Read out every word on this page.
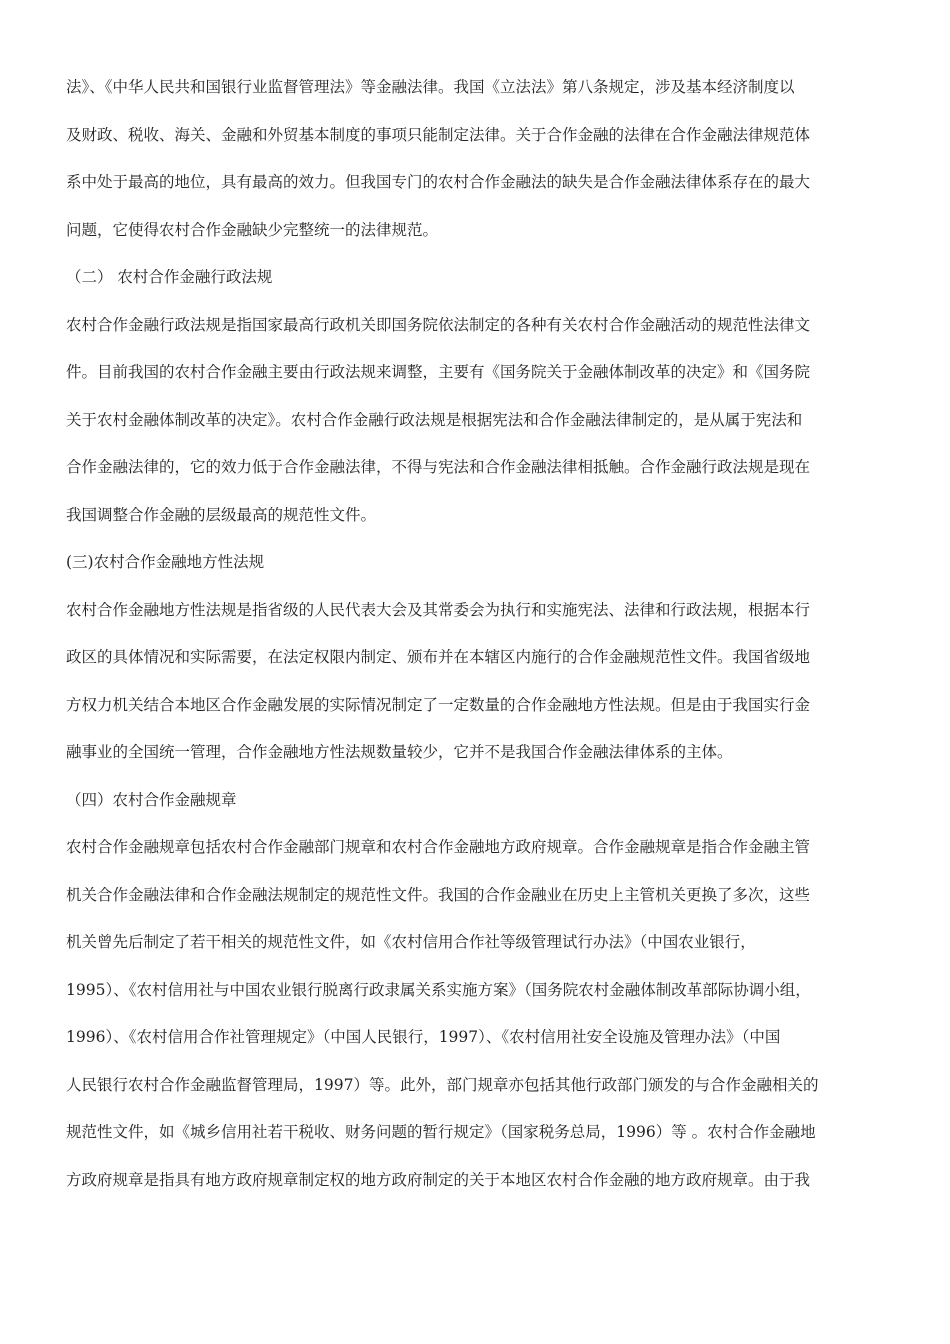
法》、《中华人民共和国银行业监督管理法》等金融法律。我国《立法法》第八条规定，涉及基本经济制度以
及财政、税收、海关、金融和外贸基本制度的事项只能制定法律。关于合作金融的法律在合作金融法律规范体
系中处于最高的地位，具有最高的效力。但我国专门的农村合作金融法的缺失是合作金融法律体系存在的最大
问题，它使得农村合作金融缺少完整统一的法律规范。
（二） 农村合作金融行政法规
农村合作金融行政法规是指国家最高行政机关即国务院依法制定的各种有关农村合作金融活动的规范性法律文
件。目前我国的农村合作金融主要由行政法规来调整，主要有《国务院关于金融体制改革的决定》和《国务院
关于农村金融体制改革的决定》。农村合作金融行政法规是根据宪法和合作金融法律制定的，是从属于宪法和
合作金融法律的，它的效力低于合作金融法律，不得与宪法和合作金融法律相抵触。合作金融行政法规是现在
我国调整合作金融的层级最高的规范性文件。
(三)农村合作金融地方性法规
农村合作金融地方性法规是指省级的人民代表大会及其常委会为执行和实施宪法、法律和行政法规，根据本行
政区的具体情况和实际需要，在法定权限内制定、颁布并在本辖区内施行的合作金融规范性文件。我国省级地
方权力机关结合本地区合作金融发展的实际情况制定了一定数量的合作金融地方性法规。但是由于我国实行金
融事业的全国统一管理，合作金融地方性法规数量较少，它并不是我国合作金融法律体系的主体。
（四）农村合作金融规章
农村合作金融规章包括农村合作金融部门规章和农村合作金融地方政府规章。合作金融规章是指合作金融主管
机关合作金融法律和合作金融法规制定的规范性文件。我国的合作金融业在历史上主管机关更换了多次，这些
机关曾先后制定了若干相关的规范性文件，如《农村信用合作社等级管理试行办法》（中国农业银行，
1995）、《农村信用社与中国农业银行脱离行政隶属关系实施方案》（国务院农村金融体制改革部际协调小组，
1996）、《农村信用合作社管理规定》（中国人民银行，1997）、《农村信用社安全设施及管理办法》（中国
人民银行农村合作金融监督管理局，1997）等。此外，部门规章亦包括其他行政部门颁发的与合作金融相关的
规范性文件，如《城乡信用社若干税收、财务问题的暂行规定》（国家税务总局，1996）等 。农村合作金融地
方政府规章是指具有地方政府规章制定权的地方政府制定的关于本地区农村合作金融的地方政府规章。由于我
